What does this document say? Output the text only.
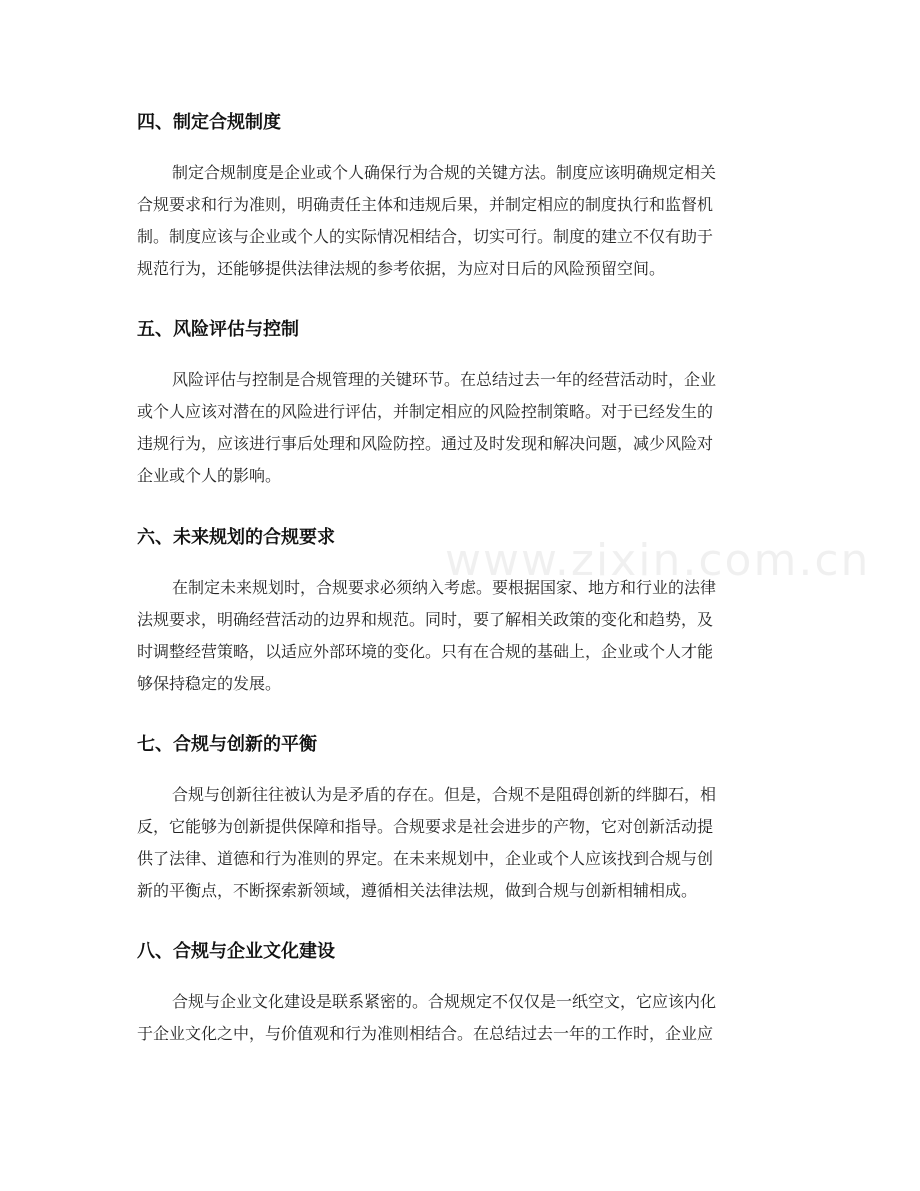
www.zixin.com.cn
四、制定合规制度
制定合规制度是企业或个人确保行为合规的关键方法。制度应该明确规定相关
合规要求和行为准则，明确责任主体和违规后果，并制定相应的制度执行和监督机
制。制度应该与企业或个人的实际情况相结合，切实可行。制度的建立不仅有助于
规范行为，还能够提供法律法规的参考依据，为应对日后的风险预留空间。
五、风险评估与控制
风险评估与控制是合规管理的关键环节。在总结过去一年的经营活动时，企业
或个人应该对潜在的风险进行评估，并制定相应的风险控制策略。对于已经发生的
违规行为，应该进行事后处理和风险防控。通过及时发现和解决问题，减少风险对
企业或个人的影响。
六、未来规划的合规要求
在制定未来规划时，合规要求必须纳入考虑。要根据国家、地方和行业的法律
法规要求，明确经营活动的边界和规范。同时，要了解相关政策的变化和趋势，及
时调整经营策略，以适应外部环境的变化。只有在合规的基础上，企业或个人才能
够保持稳定的发展。
七、合规与创新的平衡
合规与创新往往被认为是矛盾的存在。但是，合规不是阻碍创新的绊脚石，相
反，它能够为创新提供保障和指导。合规要求是社会进步的产物，它对创新活动提
供了法律、道德和行为准则的界定。在未来规划中，企业或个人应该找到合规与创
新的平衡点，不断探索新领域，遵循相关法律法规，做到合规与创新相辅相成。
八、合规与企业文化建设
合规与企业文化建设是联系紧密的。合规规定不仅仅是一纸空文，它应该内化
于企业文化之中，与价值观和行为准则相结合。在总结过去一年的工作时，企业应
